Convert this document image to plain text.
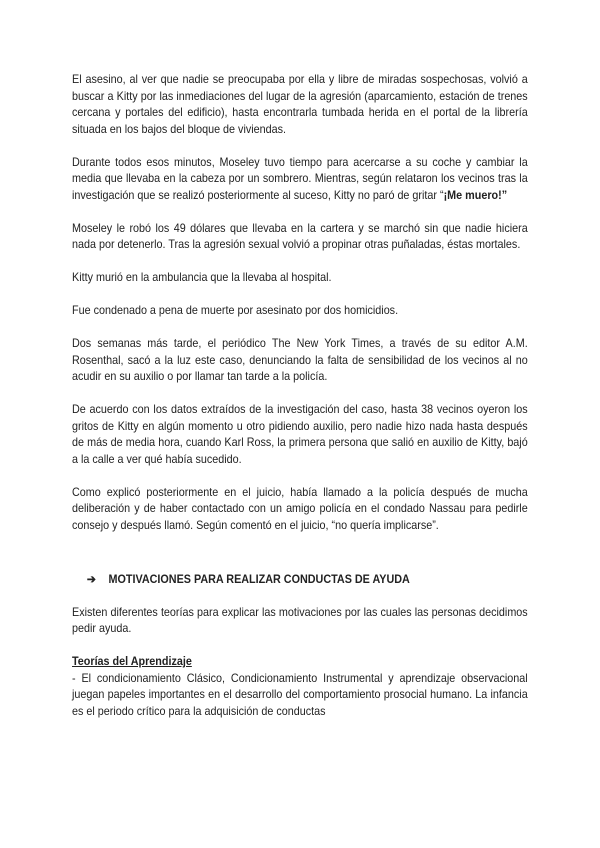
El asesino, al ver que nadie se preocupaba por ella y libre de miradas sospechosas, volvió a buscar a Kitty por las inmediaciones del lugar de la agresión (aparcamiento, estación de trenes cercana y portales del edificio), hasta encontrarla tumbada herida en el portal de la librería situada en los bajos del bloque de viviendas.

Durante todos esos minutos, Moseley tuvo tiempo para acercarse a su coche y cambiar la media que llevaba en la cabeza por un sombrero. Mientras, según relataron los vecinos tras la investigación que se realizó posteriormente al suceso, Kitty no paró de gritar “¡Me muero!”

Moseley le robó los 49 dólares que llevaba en la cartera y se marchó sin que nadie hiciera nada por detenerlo. Tras la agresión sexual volvió a propinar otras puñaladas, éstas mortales.

Kitty murió en la ambulancia que la llevaba al hospital.

Fue condenado a pena de muerte por asesinato por dos homicidios.

Dos semanas más tarde, el periódico The New York Times, a través de su editor A.M. Rosenthal, sacó a la luz este caso, denunciando la falta de sensibilidad de los vecinos al no acudir en su auxilio o por llamar tan tarde a la policía.

De acuerdo con los datos extraídos de la investigación del caso, hasta 38 vecinos oyeron los gritos de Kitty en algún momento u otro pidiendo auxilio, pero nadie hizo nada hasta después de más de media hora, cuando Karl Ross, la primera persona que salió en auxilio de Kitty, bajó a la calle a ver qué había sucedido.

Como explicó posteriormente en el juicio, había llamado a la policía después de mucha deliberación y de haber contactado con un amigo policía en el condado Nassau para pedirle consejo y después llamó. Según comentó en el juicio, “no quería implicarse”.

➔ MOTIVACIONES PARA REALIZAR CONDUCTAS DE AYUDA

Existen diferentes teorías para explicar las motivaciones por las cuales las personas decidimos pedir ayuda.

Teorías del Aprendizaje

- El condicionamiento Clásico, Condicionamiento Instrumental y aprendizaje observacional juegan papeles importantes en el desarrollo del comportamiento prosocial humano. La infancia es el periodo crítico para la adquisición de conductas
